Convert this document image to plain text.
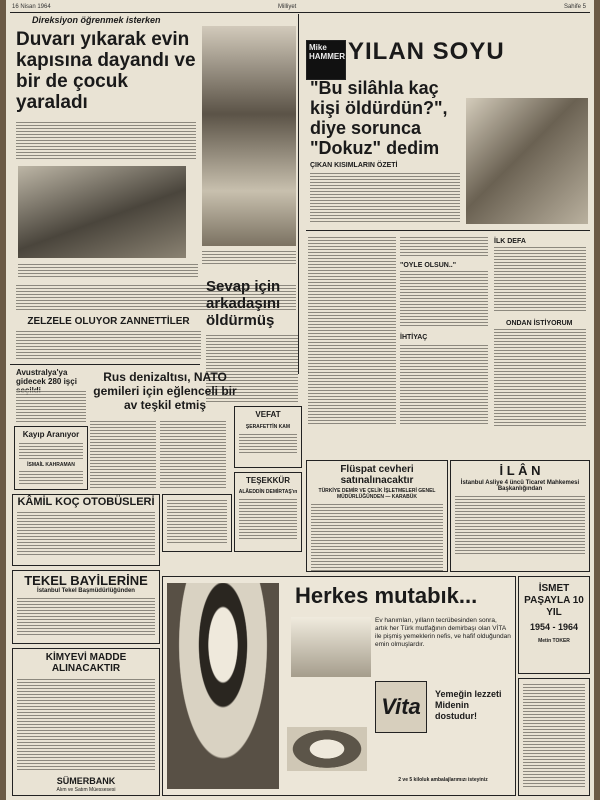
16 Nisan 1964	Milliyet	Sahife 5
Direksiyon öğrenmek isterken
Duvarı yıkarak evin kapısına dayandı ve bir de çocuk yaraladı
ZELZELE OLUYOR ZANNETTİLER
Mike HAMMER YILAN SOYU
"Bu silâhla kaç kişi öldürdün?", diye sorunca "Dokuz" dedim
ÇIKAN KISIMLARIN ÖZETİ
İHTİYAÇ
"OYLE OLSUN.."
İLK DEFA
ONDAN İSTİYORUM
Sevap için arkadaşını öldürmüş
Avustralya'ya gidecek 280 işçi
Kayıp Aranıyor
İSMAİL KAHRAMAN
Rus denizaltısı, NATO gemileri için eğlenceli bir av teşkil etmiş
VEFAT
ŞERAFETTİN KAM
TEŞEKKÜR
ALÂEDDİN DEMİRTAŞ'ın
KÂMİL KOÇ OTOBÜSLERİ
TEKEL BAYİLERİNE
İstanbul Tekel Başmüdürlüğünden
KİMYEVİ MADDE ALINACAKTIR
SÜMERBANK
Alım ve Satım Müessesesi
Flüspat cevheri satınalınacaktır
TÜRKİYE DEMİR VE ÇELİK İŞLETMELERİ GENEL MÜDÜRLÜĞÜNDEN — KARABÜK
İ L Â N
İstanbul Asliye 4 üncü Ticaret Mahkemesi Başkanlığından
Herkes mutabık...
Ev hanımları, yılların tecrübesinden sonra, artık her Türk mutfağının demirbaşı olan VİTA ile pişmiş yemeklerin nefis, ve hafif olduğundan emin olmuşlardır.
Vita	Yemeğin lezzeti Midenin dostudur!
2 ve 5 kiloluk ambalajlarımızı isteyiniz
İSMET PAŞAYLA 10 YIL
1954 - 1964
Metin TOKER
